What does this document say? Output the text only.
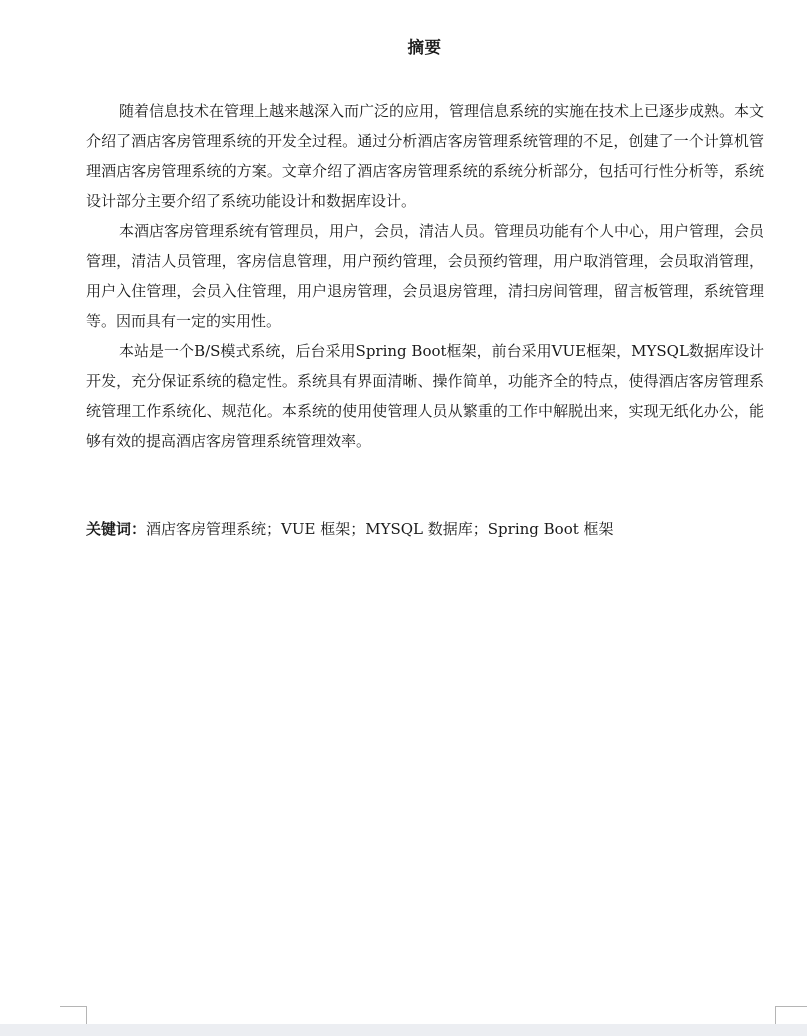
摘要

随着信息技术在管理上越来越深入而广泛的应用，管理信息系统的实施在技术上已逐步成熟。本文介绍了酒店客房管理系统的开发全过程。通过分析酒店客房管理系统管理的不足，创建了一个计算机管理酒店客房管理系统的方案。文章介绍了酒店客房管理系统的系统分析部分，包括可行性分析等，系统设计部分主要介绍了系统功能设计和数据库设计。

本酒店客房管理系统有管理员，用户，会员，清洁人员。管理员功能有个人中心，用户管理，会员管理，清洁人员管理，客房信息管理，用户预约管理，会员预约管理，用户取消管理，会员取消管理，用户入住管理，会员入住管理，用户退房管理，会员退房管理，清扫房间管理，留言板管理，系统管理等。因而具有一定的实用性。

本站是一个B/S模式系统，后台采用Spring Boot框架，前台采用VUE框架，MYSQL数据库设计开发，充分保证系统的稳定性。系统具有界面清晰、操作简单，功能齐全的特点，使得酒店客房管理系统管理工作系统化、规范化。本系统的使用使管理人员从繁重的工作中解脱出来，实现无纸化办公，能够有效的提高酒店客房管理系统管理效率。

关键词：酒店客房管理系统；VUE 框架；MYSQL 数据库；Spring Boot 框架
